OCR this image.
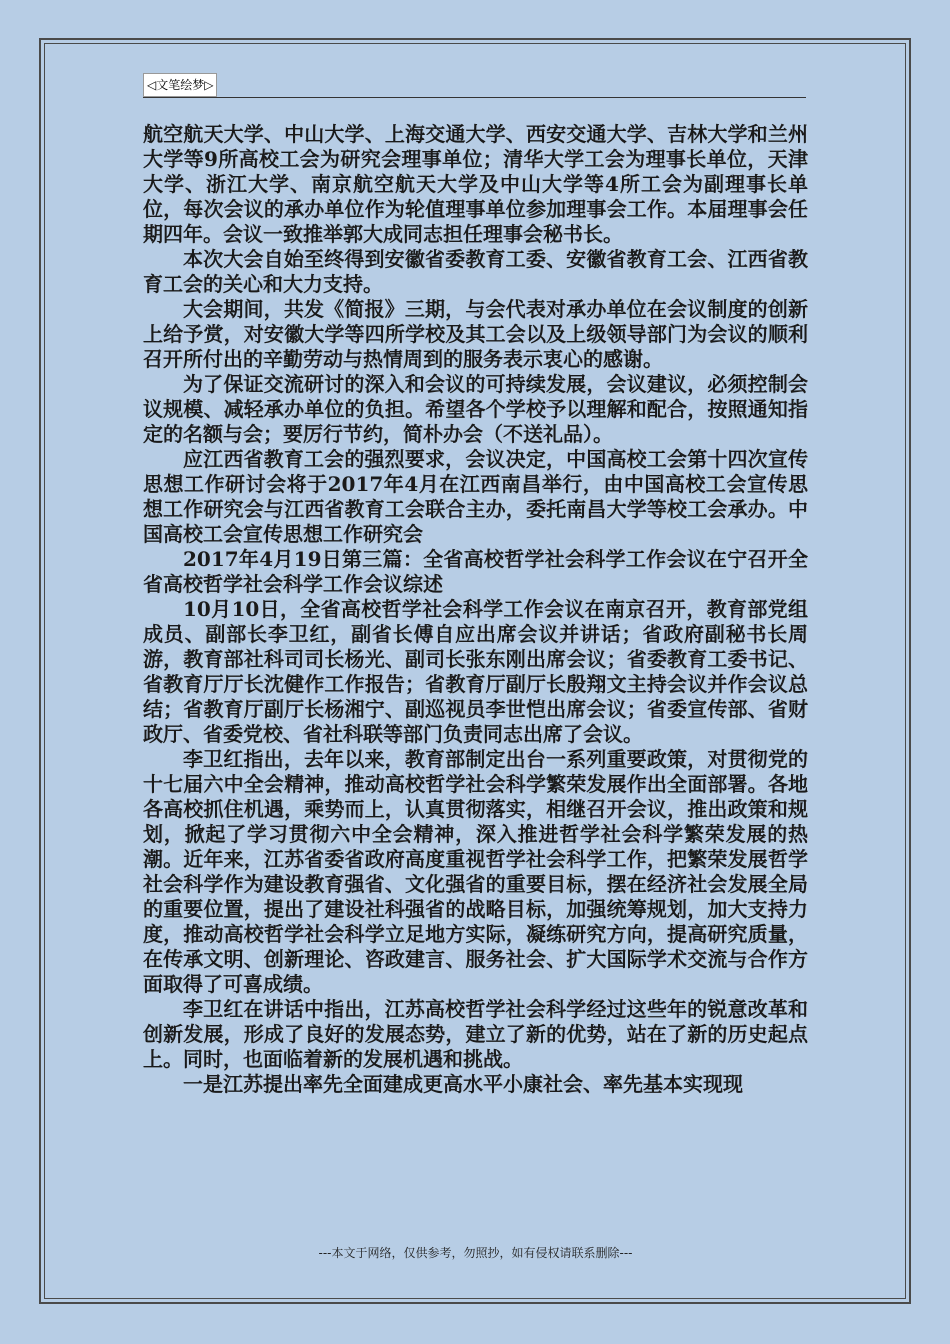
◁文笔绘梦▷

航空航天大学、中山大学、上海交通大学、西安交通大学、吉林大学和兰州大学等9所高校工会为研究会理事单位；清华大学工会为理事长单位，天津大学、浙江大学、南京航空航天大学及中山大学等4所工会为副理事长单位，每次会议的承办单位作为轮值理事单位参加理事会工作。本届理事会任期四年。会议一致推举郭大成同志担任理事会秘书长。

本次大会自始至终得到安徽省委教育工委、安徽省教育工会、江西省教育工会的关心和大力支持。

大会期间，共发《简报》三期，与会代表对承办单位在会议制度的创新上给予赏，对安徽大学等四所学校及其工会以及上级领导部门为会议的顺利召开所付出的辛勤劳动与热情周到的服务表示衷心的感谢。

为了保证交流研讨的深入和会议的可持续发展，会议建议，必须控制会议规模、减轻承办单位的负担。希望各个学校予以理解和配合，按照通知指定的名额与会；要厉行节约，简朴办会（不送礼品）。

应江西省教育工会的强烈要求，会议决定，中国高校工会第十四次宣传思想工作研讨会将于2017年4月在江西南昌举行，由中国高校工会宣传思想工作研究会与江西省教育工会联合主办，委托南昌大学等校工会承办。中国高校工会宣传思想工作研究会

2017年4月19日第三篇：全省高校哲学社会科学工作会议在宁召开全省高校哲学社会科学工作会议综述

10月10日，全省高校哲学社会科学工作会议在南京召开，教育部党组成员、副部长李卫红，副省长傅自应出席会议并讲话；省政府副秘书长周游，教育部社科司司长杨光、副司长张东刚出席会议；省委教育工委书记、省教育厅厅长沈健作工作报告；省教育厅副厅长殷翔文主持会议并作会议总结；省教育厅副厅长杨湘宁、副巡视员李世恺出席会议；省委宣传部、省财政厅、省委党校、省社科联等部门负责同志出席了会议。

李卫红指出，去年以来，教育部制定出台一系列重要政策，对贯彻党的十七届六中全会精神，推动高校哲学社会科学繁荣发展作出全面部署。各地各高校抓住机遇，乘势而上，认真贯彻落实，相继召开会议，推出政策和规划，掀起了学习贯彻六中全会精神，深入推进哲学社会科学繁荣发展的热潮。近年来，江苏省委省政府高度重视哲学社会科学工作，把繁荣发展哲学社会科学作为建设教育强省、文化强省的重要目标，摆在经济社会发展全局的重要位置，提出了建设社科强省的战略目标，加强统筹规划，加大支持力度，推动高校哲学社会科学立足地方实际，凝练研究方向，提高研究质量，在传承文明、创新理论、咨政建言、服务社会、扩大国际学术交流与合作方面取得了可喜成绩。

李卫红在讲话中指出，江苏高校哲学社会科学经过这些年的锐意改革和创新发展，形成了良好的发展态势，建立了新的优势，站在了新的历史起点上。同时，也面临着新的发展机遇和挑战。

一是江苏提出率先全面建成更高水平小康社会、率先基本实现现

---本文于网络，仅供参考，勿照抄，如有侵权请联系删除---
